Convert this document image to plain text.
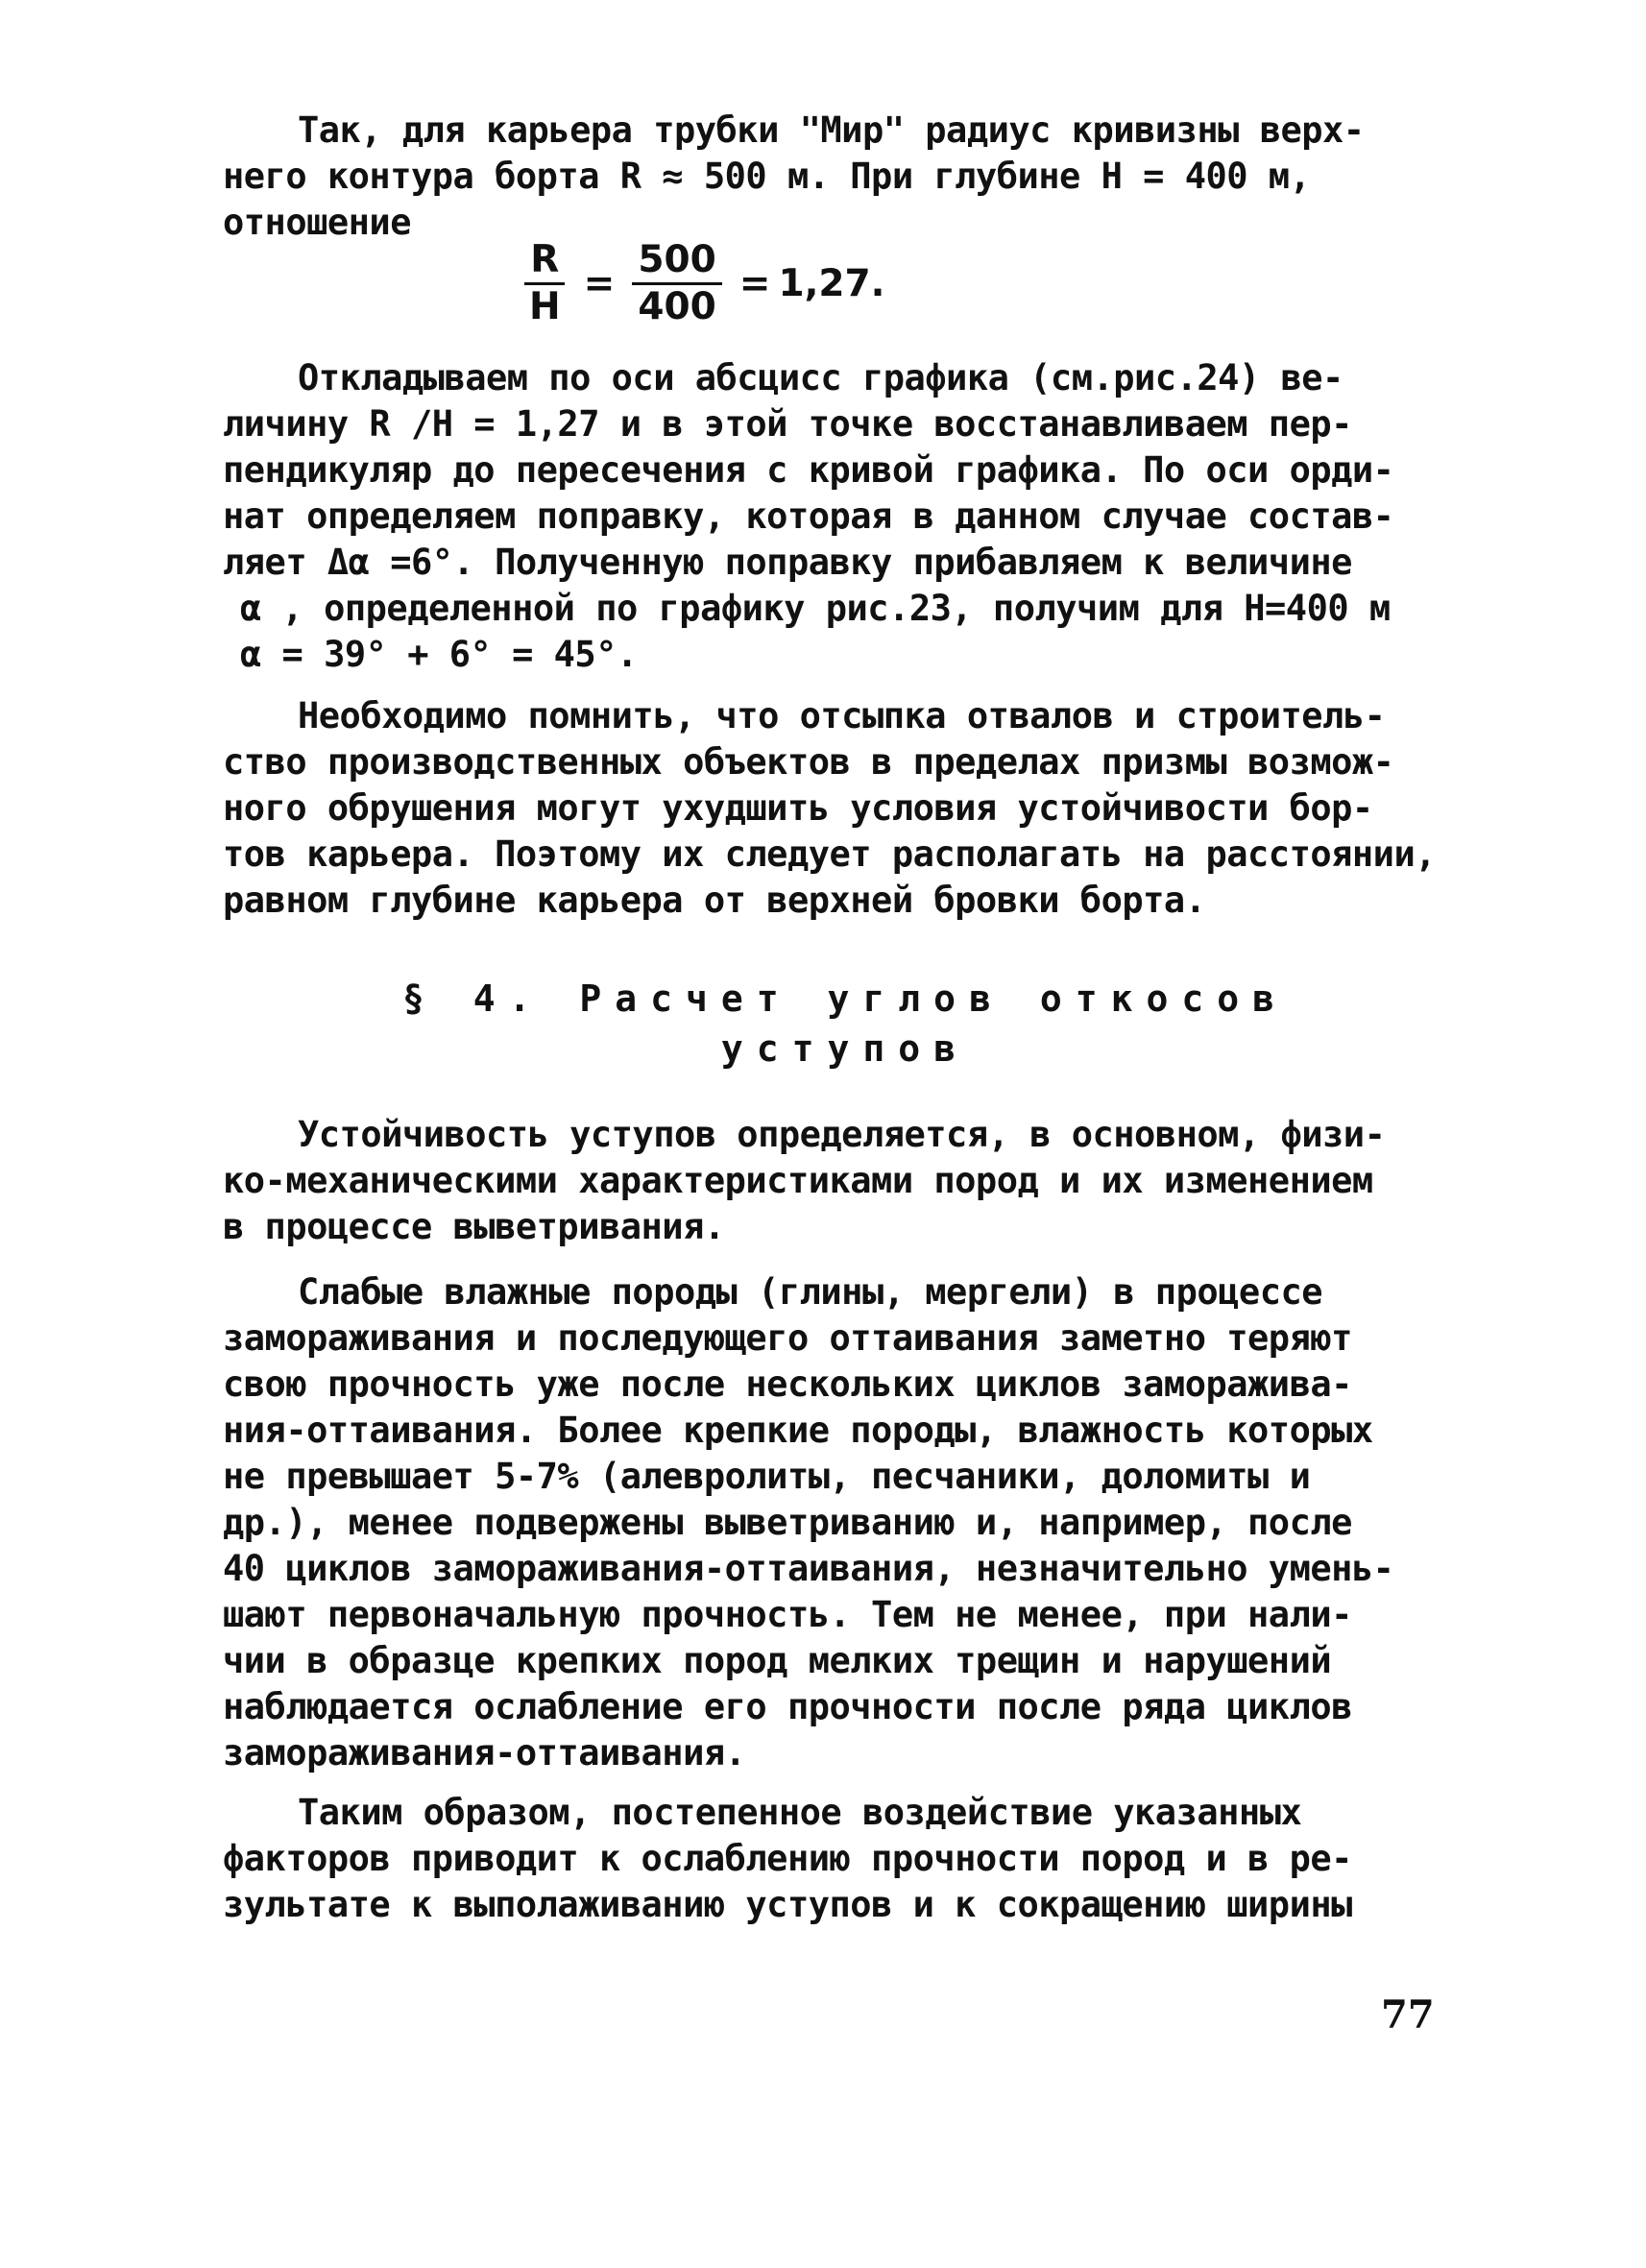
Так, для карьера трубки "Мир" радиус кривизны верх-
него контура борта R ≈ 500 м. При глубине H = 400 м,
отношение
$\frac{R}{H} = \frac{500}{400} = 1,27$.
Откладываем по оси абсцисс графика (см.рис.24) ве-
личину R /H = 1,27 и в этой точке восстанавливаем пер-
пендикуляр до пересечения с кривой графика. По оси орди-
нат определяем поправку, которая в данном случае состав-
ляет Δα =6°. Полученную поправку прибавляем к величине
α , определенной по графику рис.23, получим для H=400 м
α = 39° + 6° = 45°.
Необходимо помнить, что отсыпка отвалов и строитель-
ство производственных объектов в пределах призмы возмож-
ного обрушения могут ухудшить условия устойчивости бор-
тов карьера. Поэтому их следует располагать на расстоянии,
равном глубине карьера от верхней бровки борта.
§ 4. Расчет углов откосов
уступов
Устойчивость уступов определяется, в основном, физи-
ко-механическими характеристиками пород и их изменением
в процессе выветривания.
Слабые влажные породы (глины, мергели) в процессе
замораживания и последующего оттаивания заметно теряют
свою прочность уже после нескольких циклов заморажива-
ния-оттаивания. Более крепкие породы, влажность которых
не превышает 5-7% (алевролиты, песчаники, доломиты и
др.), менее подвержены выветриванию и, например, после
40 циклов замораживания-оттаивания, незначительно умень-
шают первоначальную прочность. Тем не менее, при нали-
чии в образце крепких пород мелких трещин и нарушений
наблюдается ослабление его прочности после ряда циклов
замораживания-оттаивания.
Таким образом, постепенное воздействие указанных
факторов приводит к ослаблению прочности пород и в ре-
зультате к выполаживанию уступов и к сокращению ширины
77
